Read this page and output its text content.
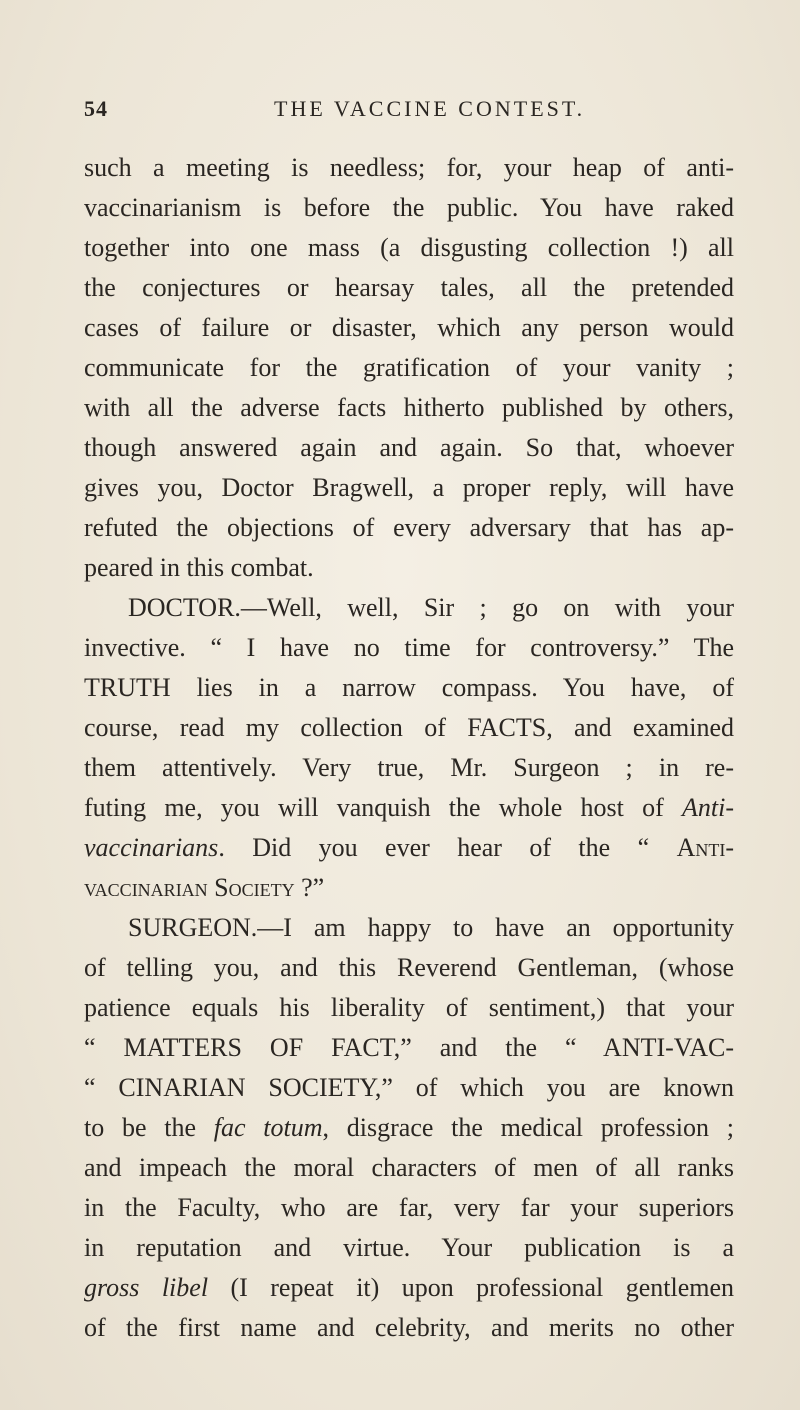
54	THE VACCINE CONTEST.
such a meeting is needless; for, your heap of anti-
vaccinarianism is before the public. You have raked
together into one mass (a disgusting collection !) all
the conjectures or hearsay tales, all the pretended
cases of failure or disaster, which any person would
communicate for the gratification of your vanity ;
with all the adverse facts hitherto published by others,
though answered again and again. So that, whoever
gives you, Doctor Bragwell, a proper reply, will have
refuted the objections of every adversary that has ap-
peared in this combat.
DOCTOR.—Well, well, Sir ; go on with your
invective. “ I have no time for controversy.” The
TRUTH lies in a narrow compass. You have, of
course, read my collection of FACTS, and examined
them attentively. Very true, Mr. Surgeon ; in re-
futing me, you will vanquish the whole host of Anti-
vaccinarians. Did you ever hear of the “ Anti-
vaccinarian Society ?”
SURGEON.—I am happy to have an opportunity
of telling you, and this Reverend Gentleman, (whose
patience equals his liberality of sentiment,) that your
“ MATTERS OF FACT,” and the “ ANTI-VAC-
“ CINARIAN SOCIETY,” of which you are known
to be the fac totum, disgrace the medical profession ;
and impeach the moral characters of men of all ranks
in the Faculty, who are far, very far your superiors
in reputation and virtue. Your publication is a
gross libel (I repeat it) upon professional gentlemen
of the first name and celebrity, and merits no other
